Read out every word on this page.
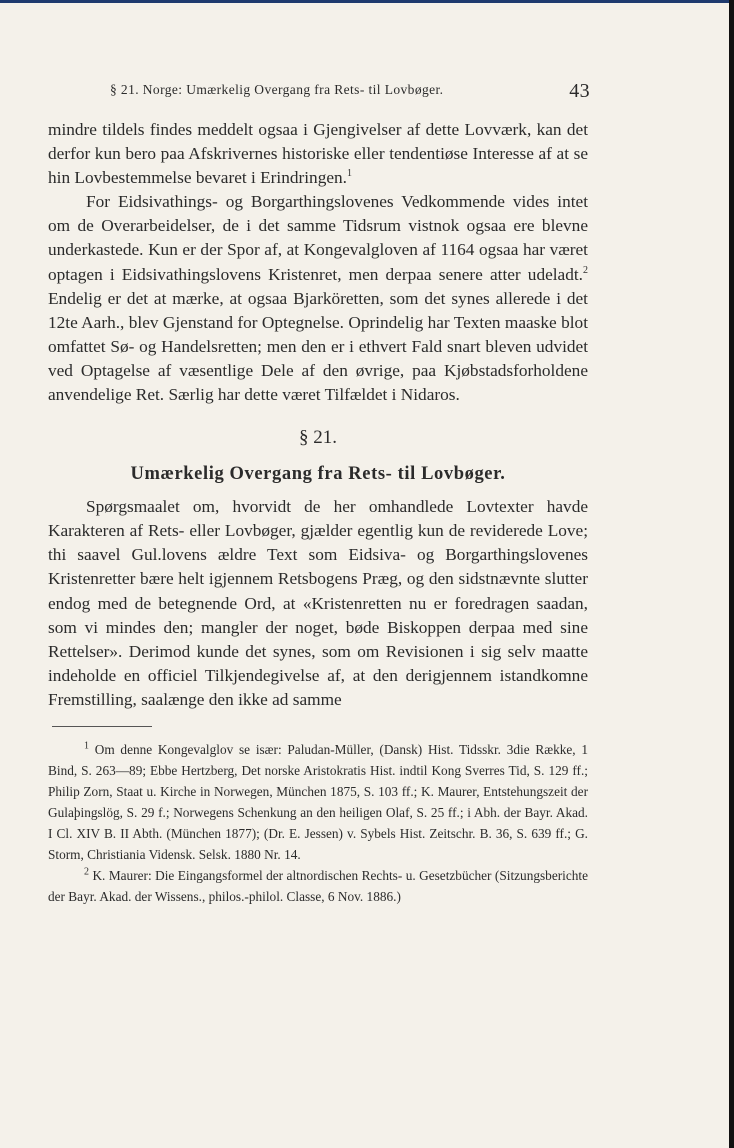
§ 21. Norge: Umærkelig Overgang fra Rets- til Lovbøger.	43

mindre tildels findes meddelt ogsaa i Gjengivelser af dette Lovværk, kan det derfor kun bero paa Afskrivernes historiske eller tendentiøse Interesse af at se hin Lovbestemmelse bevaret i Erindringen.$^1$

For Eidsivathings- og Borgarthingslovenes Vedkommende vides intet om de Overarbeidelser, de i det samme Tidsrum vistnok ogsaa ere blevne underkastede. Kun er der Spor af, at Kongevalgloven af 1164 ogsaa har været optagen i Eidsivathingslovens Kristenret, men derpaa senere atter udeladt.$^2$ Endelig er det at mærke, at ogsaa Bjarköretten, som det synes allerede i det 12te Aarh., blev Gjenstand for Optegnelse. Oprindelig har Texten maaske blot omfattet Sø- og Handelsretten; men den er i ethvert Fald snart bleven udvidet ved Optagelse af væsentlige Dele af den øvrige, paa Kjøbstadsforholdene anvendelige Ret. Særlig har dette været Tilfældet i Nidaros.

§ 21.
Umærkelig Overgang fra Rets- til Lovbøger.

Spørgsmaalet om, hvorvidt de her omhandlede Lovtexter havde Karakteren af Rets- eller Lovbøger, gjælder egentlig kun de reviderede Love; thi saavel Gul.lovens ældre Text som Eidsiva- og Borgarthingslovenes Kristenretter bære helt igjennem Retsbogens Præg, og den sidstnævnte slutter endog med de betegnende Ord, at «Kristenretten nu er foredragen saadan, som vi mindes den; mangler der noget, bøde Biskoppen derpaa med sine Rettelser». Derimod kunde det synes, som om Revisionen i sig selv maatte indeholde en officiel Tilkjendegivelse af, at den derigjennem istandkomne Fremstilling, saalænge den ikke ad samme

$^1$ Om denne Kongevalglov se især: Paludan-Müller, (Dansk) Hist. Tidsskr. 3die Række, 1 Bind, S. 263—89; Ebbe Hertzberg, Det norske Aristokratis Hist. indtil Kong Sverres Tid, S. 129 ff.; Philip Zorn, Staat u. Kirche in Norwegen, München 1875, S. 103 ff.; K. Maurer, Entstehungszeit der Gulaþingslög, S. 29 f.; Norwegens Schenkung an den heiligen Olaf, S. 25 ff.; i Abh. der Bayr. Akad. I Cl. XIV B. II Abth. (München 1877); (Dr. E. Jessen) v. Sybels Hist. Zeitschr. B. 36, S. 639 ff.; G. Storm, Christiania Vidensk. Selsk. 1880 Nr. 14.

$^2$ K. Maurer: Die Eingangsformel der altnordischen Rechts- u. Gesetzbücher (Sitzungsberichte der Bayr. Akad. der Wissens., philos.-philol. Classe, 6 Nov. 1886.)
